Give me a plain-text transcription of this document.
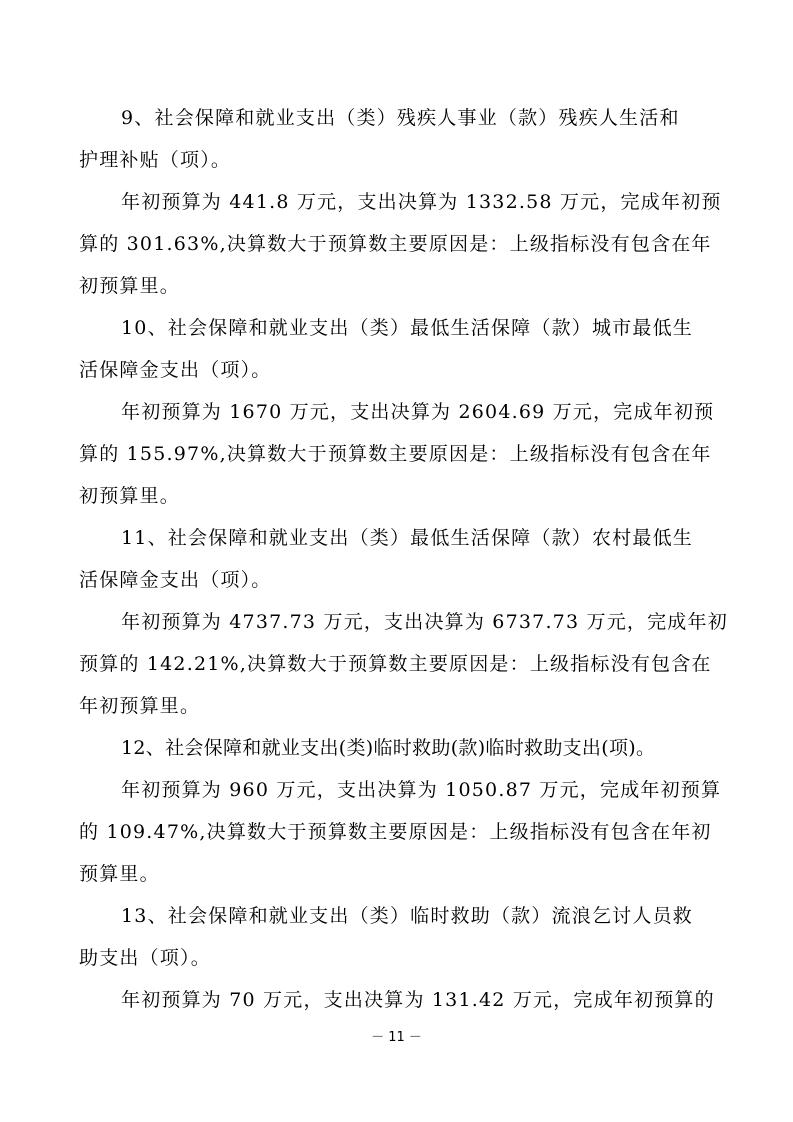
9、社会保障和就业支出（类）残疾人事业（款）残疾人生活和
护理补贴（项）。
年初预算为 441.8 万元，支出决算为 1332.58 万元，完成年初预
算的 301.63%,决算数大于预算数主要原因是：上级指标没有包含在年
初预算里。
10、社会保障和就业支出（类）最低生活保障（款）城市最低生
活保障金支出（项）。
年初预算为 1670 万元，支出决算为 2604.69 万元，完成年初预
算的 155.97%,决算数大于预算数主要原因是：上级指标没有包含在年
初预算里。
11、社会保障和就业支出（类）最低生活保障（款）农村最低生
活保障金支出（项）。
年初预算为 4737.73 万元，支出决算为 6737.73 万元，完成年初
预算的 142.21%,决算数大于预算数主要原因是：上级指标没有包含在
年初预算里。
12、社会保障和就业支出(类)临时救助(款)临时救助支出(项)。
年初预算为 960 万元，支出决算为 1050.87 万元，完成年初预算
的 109.47%,决算数大于预算数主要原因是：上级指标没有包含在年初
预算里。
13、社会保障和就业支出（类）临时救助（款）流浪乞讨人员救
助支出（项）。
年初预算为 70 万元，支出决算为 131.42 万元，完成年初预算的
－ 11 －
